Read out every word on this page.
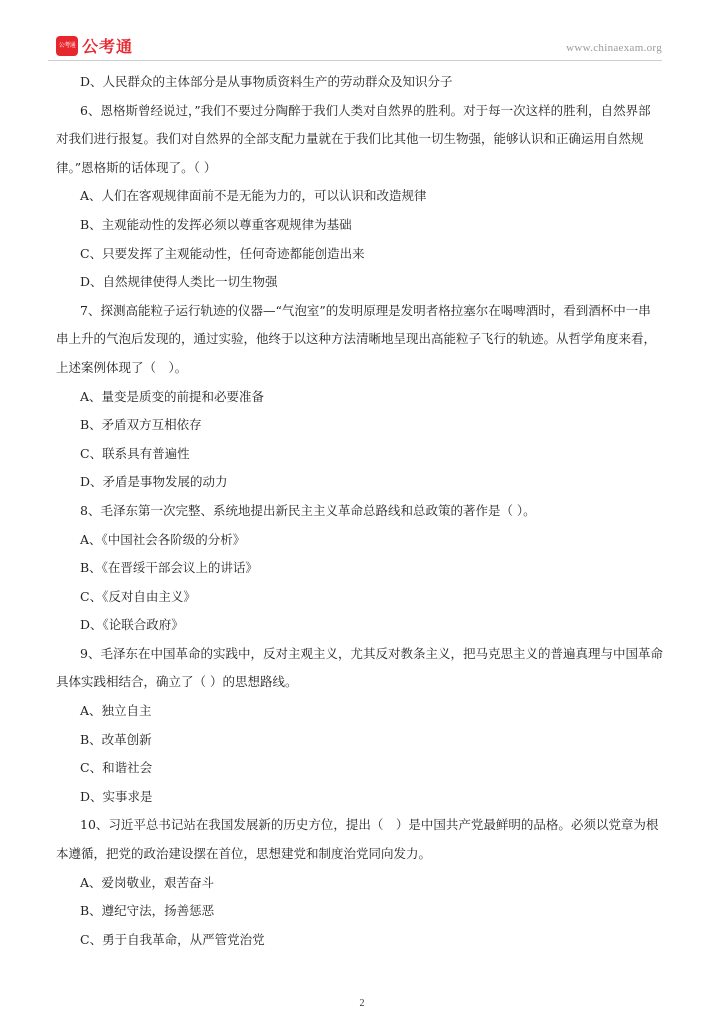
公考通 公考通	www.chinaexam.org
D、人民群众的主体部分是从事物质资料生产的劳动群众及知识分子
6、恩格斯曾经说过，”我们不要过分陶醉于我们人类对自然界的胜利。对于每一次这样的胜利，自然界部
对我们进行报复。我们对自然界的全部支配力量就在于我们比其他一切生物强，能够认识和正确运用自然规
律。”恩格斯的话体现了。（ ）
A、人们在客观规律面前不是无能为力的，可以认识和改造规律
B、主观能动性的发挥必须以尊重客观规律为基础
C、只要发挥了主观能动性，任何奇迹都能创造出来
D、自然规律使得人类比一切生物强
7、探测高能粒子运行轨迹的仪器—“气泡室”的发明原理是发明者格拉塞尔在喝啤酒时，看到酒杯中一串
串上升的气泡后发现的，通过实验，他终于以这种方法清晰地呈现出高能粒子飞行的轨迹。从哲学角度来看，
上述案例体现了（　）。
A、量变是质变的前提和必要准备
B、矛盾双方互相依存
C、联系具有普遍性
D、矛盾是事物发展的动力
8、毛泽东第一次完整、系统地提出新民主主义革命总路线和总政策的著作是（ ）。
A、《中国社会各阶级的分析》
B、《在晋绥干部会议上的讲话》
C、《反对自由主义》
D、《论联合政府》
9、毛泽东在中国革命的实践中，反对主观主义，尤其反对教条主义，把马克思主义的普遍真理与中国革命
具体实践相结合，确立了（ ）的思想路线。
A、独立自主
B、改革创新
C、和谐社会
D、实事求是
10、习近平总书记站在我国发展新的历史方位，提出（　）是中国共产党最鲜明的品格。必须以党章为根
本遵循，把党的政治建设摆在首位，思想建党和制度治党同向发力。
A、爱岗敬业，艰苦奋斗
B、遵纪守法，扬善惩恶
C、勇于自我革命，从严管党治党
2
